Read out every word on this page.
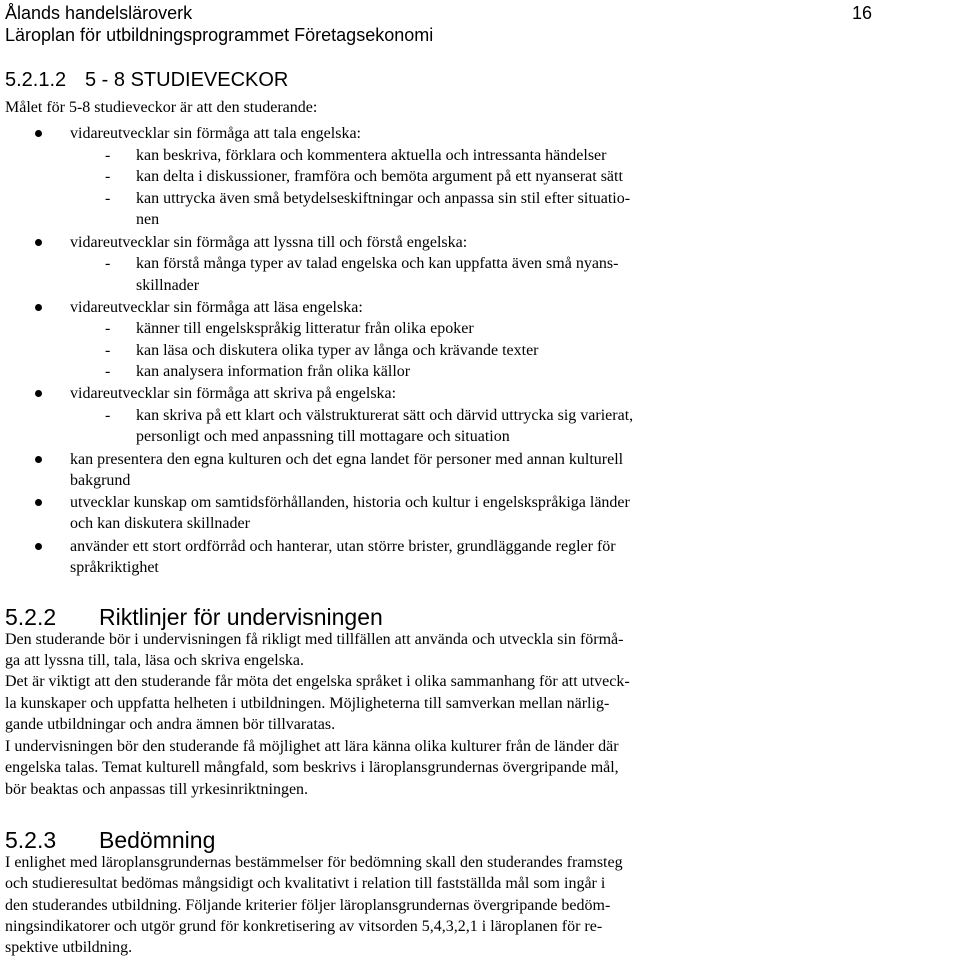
Ålands handelsläroverk
Läroplan för utbildningsprogrammet Företagsekonomi
16
5.2.1.2 5 - 8 STUDIEVECKOR
Målet för 5-8 studieveckor är att den studerande:
vidareutvecklar sin förmåga att tala engelska:
- kan beskriva, förklara och kommentera aktuella och intressanta händelser
- kan delta i diskussioner, framföra och bemöta argument på ett nyanserat sätt
- kan uttrycka även små betydelseskiftningar och anpassa sin stil efter situatio-
nen
vidareutvecklar sin förmåga att lyssna till och förstå engelska:
- kan förstå många typer av talad engelska och kan uppfatta även små nyans-
skillnader
vidareutvecklar sin förmåga att läsa engelska:
- känner till engelskspråkig litteratur från olika epoker
- kan läsa och diskutera olika typer av långa och krävande texter
- kan analysera information från olika källor
vidareutvecklar sin förmåga att skriva på engelska:
- kan skriva på ett klart och välstrukturerat sätt och därvid uttrycka sig varierat,
personligt och med anpassning till mottagare och situation
kan presentera den egna kulturen och det egna landet för personer med annan kulturell
bakgrund
utvecklar kunskap om samtidsförhållanden, historia och kultur i engelskspråkiga länder
och kan diskutera skillnader
använder ett stort ordförråd och hanterar, utan större brister, grundläggande regler för
språkriktighet
5.2.2 Riktlinjer för undervisningen
Den studerande bör i undervisningen få rikligt med tillfällen att använda och utveckla sin förmå-
ga att lyssna till, tala, läsa och skriva engelska.
Det är viktigt att den studerande får möta det engelska språket i olika sammanhang för att utveck-
la kunskaper och uppfatta helheten i utbildningen. Möjligheterna till samverkan mellan närlig-
gande utbildningar och andra ämnen bör tillvaratas.
I undervisningen bör den studerande få möjlighet att lära känna olika kulturer från de länder där
engelska talas. Temat kulturell mångfald, som beskrivs i läroplansgrundernas övergripande mål,
bör beaktas och anpassas till yrkesinriktningen.
5.2.3 Bedömning
I enlighet med läroplansgrundernas bestämmelser för bedömning skall den studerandes framsteg
och studieresultat bedömas mångsidigt och kvalitativt i relation till fastställda mål som ingår i
den studerandes utbildning. Följande kriterier följer läroplansgrundernas övergripande bedöm-
ningsindikatorer och utgör grund för konkretisering av vitsorden 5,4,3,2,1 i läroplanen för re-
spektive utbildning.
